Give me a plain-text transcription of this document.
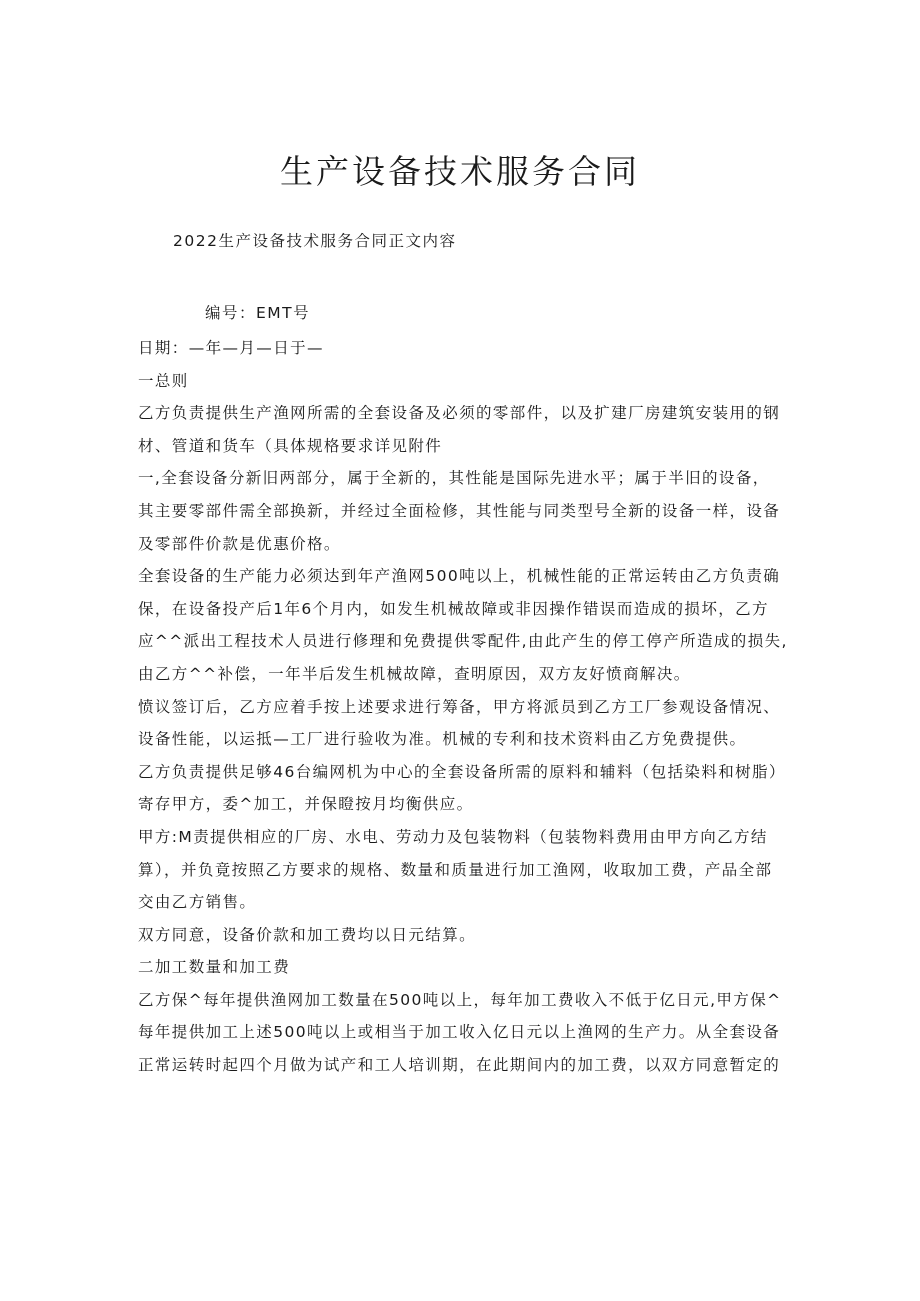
生产设备技术服务合同

2022生产设备技术服务合同正文内容

编号：EMT号

日期：—年—月—日于—

一总则

乙方负责提供生产渔网所需的全套设备及必须的零部件，以及扩建厂房建筑安装用的钢

材、管道和货车（具体规格要求详见附件

一,全套设备分新旧两部分，属于全新的，其性能是国际先进水平；属于半旧的设备，

其主要零部件需全部换新，并经过全面检修，其性能与同类型号全新的设备一样，设备

及零部件价款是优惠价格。

全套设备的生产能力必须达到年产渔网500吨以上，机械性能的正常运转由乙方负责确

保，在设备投产后1年6个月内，如发生机械故障或非因操作错误而造成的损坏，乙方

应^^派出工程技术人员进行修理和免费提供零配件,由此产生的停工停产所造成的损失,

由乙方^^补偿，一年半后发生机械故障，查明原因，双方友好愤商解决。

愤议签订后，乙方应着手按上述要求进行筹备，甲方将派员到乙方工厂参观设备情况、

设备性能，以运抵—工厂进行验收为准。机械的专利和技术资料由乙方免费提供。

乙方负责提供足够46台编网机为中心的全套设备所需的原料和辅料（包括染料和树脂）

寄存甲方，委^加工，并保瞪按月均衡供应。

甲方:M责提供相应的厂房、水电、劳动力及包装物料（包装物料费用由甲方向乙方结

算），并负竟按照乙方要求的规格、数量和质量进行加工渔网，收取加工费，产品全部

交由乙方销售。

双方同意，设备价款和加工费均以日元结算。

二加工数量和加工费

乙方保^每年提供渔网加工数量在500吨以上，每年加工费收入不低于亿日元,甲方保^

每年提供加工上述500吨以上或相当于加工收入亿日元以上渔网的生产力。从全套设备

正常运转时起四个月做为试产和工人培训期，在此期间内的加工费，以双方同意暂定的
